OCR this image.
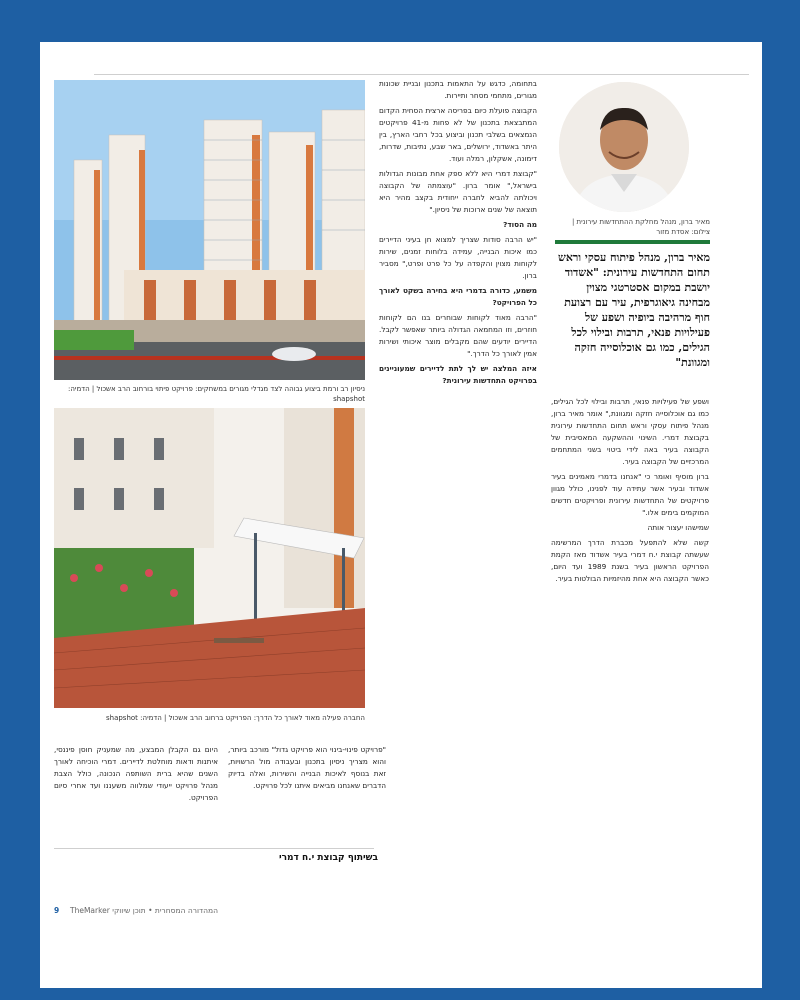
ניסיון רב ורמת ביצוע גבוהה לצד מגדלי מגורים במשחקים: פרויקט פיתוי בורחוב הרב אשכול | הדמיה: shapshot
החברה פעילה מאוד לאורך כל הדרך: הפרויקט ברחוב הרב אשכול | הדמיה: shapshot
מאיר ברון, מנהל מחלקת ההתחדשות עירונית | צילום: אסדת מזור
מאיר ברון, מנהל פיתוח עסקי וראש תחום התחדשות עירונית: "אשדוד יושבת במקום אסטרטגי מצוין מבחינה גיאוגרפית, עיר עם רצועת חוף מרהיבה ביופיה ושפע של פעילויות פנאי, תרבות ובילוי לכל הגילים, כמו גם אוכלוסייה חזקה ומגוונת"

ושפע של פעילויות פנאי, תרבות ובילוי לכל הגילים, כמו גם אוכלוסייה חזקה ומגוונת," אומר מאיר ברון, מנהל פיתוח עסקי וראש תחום התחדשות עירונית בקבוצת דמרי. השינוי וההשקעה המאסיבית של הקבוצה בעיר באה לידי ביטוי בשני המתחמים המרכזיים של הקבוצה בעיר.

ברון מוסיף ואומר כי "אנחנו בדמרי מאמינים בעיר אשדוד ובעיר אשר עתידה עוד לפנינו, כולל מגוון פרויקטים של התחדשות עירונית ופרויקטים חדשים המוקמים בימים אלו."

שמישהו יעצור אותה

קשה שלא להתפעל מכברת הדרך המרשימה שעשתה קבוצת י.ח דמרי בעיר אשדוד מאז הקמת הפרויקט הראשון בעיר בשנת 1989 ועד היום, כאשר הקבוצה היא אחת מהיזמיות הבולטות בעיר.

בתחומה, כדגש על התאמות בתכנון ובניית שכונות מגורים, מתחמי מסחר ותיירות.

הקבוצה פועלת כיום בפריסה ארצית הסחית הקדום המתבצאת בתכנון של לא פחות מ-41 פרויקטים הנמצאים בשלבי תכנון וביצוע בכל רחבי הארץ, בין היתר באשדוד, ירושלים, באר שבע, נתיבות, שדרות, דימונה, אשקלון, רמלה ועוד.

"קבוצת דמרי היא ללא ספק אחת מבונות הגדולות בישראל," אומר ברון. "עוצמתה של הקבוצה ויכולתה להביא לחברה ייחודית בקצב מהיר היא תוצאה של שנים ארוכות של ניסיון."

מה הסוד?

"יש הרבה סודות שצריך למצוא חן בעיני הדיירים כמו איכות הבנייה, עמידה בלוחות זמנים, שירות לקוחות מצוין והקפדה על כל פרט ופרט," מסביר ברון.

משמע, כדורה בדמרי היא בחירה בשקט לאורך כל הפרויקט?

"הרבה מאוד לקוחות שבוחרים בנו הם לקוחות חוזרים, וזו המחמאה הגדולה ביותר שאפשר לקבל. הדיירים יודעים שהם מקבלים מוצר איכותי ושירות אמין לאורך כל הדרך."

איזה המלצה יש לך לתת לדיירים שמעוניינים בפרויקט התחדשות עירונית?

"פרויקט פינוי-בינוי הוא פרויקט גדול" מורכב ביותר, והוא מצריך ניסיון בתכנון ובעבודה מול הרשויות, זאת בנוסף לאיכות הבנייה והשירות, ואלה בדיוק הדברים שאנחנו מביאים איתנו לכל פרויקט.

היום גם הקבלן המבצע, מה שמעניק חוסן פיננסי, איתנות ודאות מוחלטת לדיירים. דמרי הוכיחה לאורך השנים שהיא ברית השותפה הנכונה, כולל הצבת מנהל פרויקט ייעודי שמלווה משעננו ועד אחרי סיום הפרויקט.

בשיתוף קבוצת י.ח דמרי
9 TheMarker המהדורה המסחרית • תוכן שיווקי
